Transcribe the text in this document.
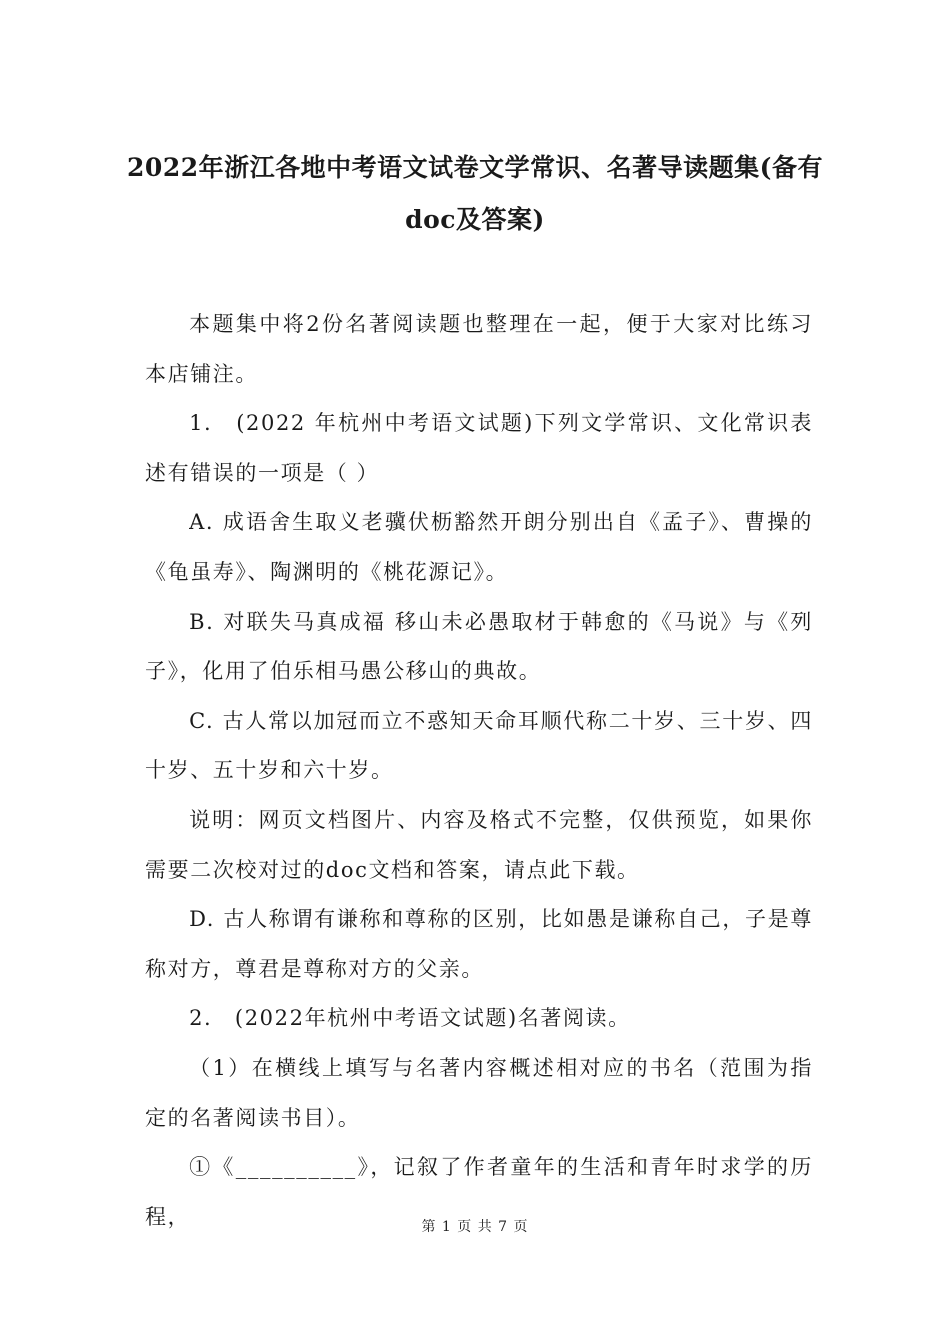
2022年浙江各地中考语文试卷文学常识、名著导读题集(备有doc及答案)

本题集中将2份名著阅读题也整理在一起，便于大家对比练习本店铺注。

1.　(2022 年杭州中考语文试题)下列文学常识、文化常识表述有错误的一项是（ ）

A. 成语舍生取义老骥伏枥豁然开朗分别出自《孟子》、曹操的《龟虽寿》、陶渊明的《桃花源记》。

B. 对联失马真成福 移山未必愚取材于韩愈的《马说》与《列子》，化用了伯乐相马愚公移山的典故。

C. 古人常以加冠而立不惑知天命耳顺代称二十岁、三十岁、四十岁、五十岁和六十岁。

说明：网页文档图片、内容及格式不完整，仅供预览，如果你需要二次校对过的doc文档和答案，请点此下载。

D. 古人称谓有谦称和尊称的区别，比如愚是谦称自己，子是尊称对方，尊君是尊称对方的父亲。

2.　(2022年杭州中考语文试题)名著阅读。

（1）在横线上填写与名著内容概述相对应的书名（范围为指定的名著阅读书目）。

①《__________》，记叙了作者童年的生活和青年时求学的历程，	第 1 页 共 7 页
